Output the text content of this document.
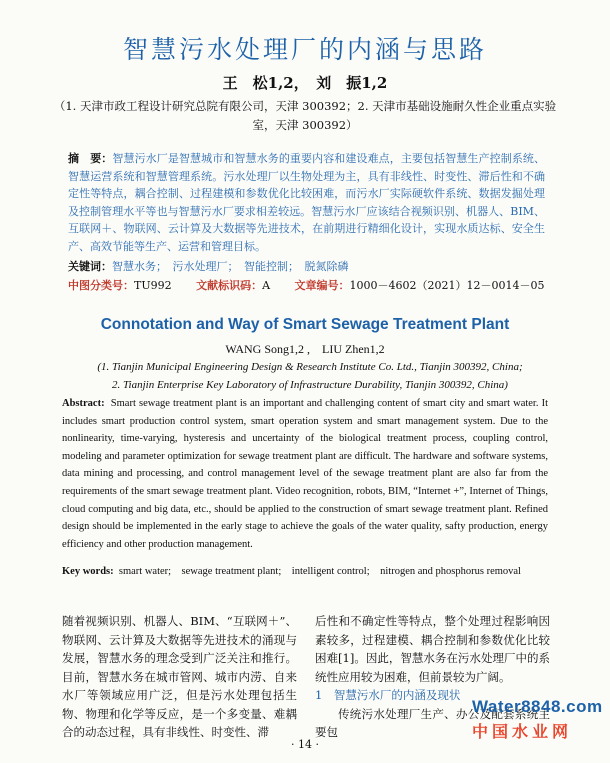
智慧污水处理厂的内涵与思路
王　松1,2，　刘　振1,2
（1. 天津市政工程设计研究总院有限公司，天津 300392；2. 天津市基础设施耐久性企业重点实验室，天津 300392）
摘　要：智慧污水厂是智慧城市和智慧水务的重要内容和建设难点，主要包括智慧生产控制系统、智慧运营系统和智慧管理系统。污水处理厂以生物处理为主，具有非线性、时变性、滞后性和不确定性等特点，耦合控制、过程建模和参数优化比较困难，而污水厂实际硬软件系统、数据发掘处理及控制管理水平等也与智慧污水厂要求相差较远。智慧污水厂应该结合视频识别、机器人、BIM、互联网＋、物联网、云计算及大数据等先进技术，在前期进行精细化设计，实现水质达标、安全生产、高效节能等生产、运营和管理目标。
关键词：智慧水务；　污水处理厂；　智能控制；　脱氮除磷
中图分类号：TU992 文献标识码：A 文章编号：1000－4602（2021）12－0014－05
Connotation and Way of Smart Sewage Treatment Plant
WANG Song1,2 ,　LIU Zhen1,2
(1. Tianjin Municipal Engineering Design & Research Institute Co. Ltd., Tianjin 300392, China;
2. Tianjin Enterprise Key Laboratory of Infrastructure Durability, Tianjin 300392, China)
Abstract: Smart sewage treatment plant is an important and challenging content of smart city and smart water. It includes smart production control system, smart operation system and smart management system. Due to the nonlinearity, time-varying, hysteresis and uncertainty of the biological treatment process, coupling control, modeling and parameter optimization for sewage treatment plant are difficult. The hardware and software systems, data mining and processing, and control management level of the sewage treatment plant are also far from the requirements of the smart sewage treatment plant. Video recognition, robots, BIM, “Internet +”, Internet of Things, cloud computing and big data, etc., should be applied to the construction of smart sewage treatment plant. Refined design should be implemented in the early stage to achieve the goals of the water quality, safty production, energy efficiency and other production management.
Key words: smart water;　sewage treatment plant;　intelligent control;　nitrogen and phosphorus removal
随着视频识别、机器人、BIM、“互联网＋”、物联网、云计算及大数据等先进技术的涌现与发展，智慧水务的理念受到广泛关注和推行。目前，智慧水务在城市管网、城市内涝、自来水厂等领域应用广泛，但是污水处理包括生物、物理和化学等反应，是一个多变量、难耦合的动态过程，具有非线性、时变性、滞
后性和不确定性等特点，整个处理过程影响因素较多，过程建模、耦合控制和参数优化比较困难[1]。因此，智慧水务在污水处理厂中的系统性应用较为困难，但前景较为广阔。
1　智慧污水厂的内涵及现状
传统污水处理厂生产、办公及配套系统主要包
· 14 ·
Water8848.com
中国水业网
